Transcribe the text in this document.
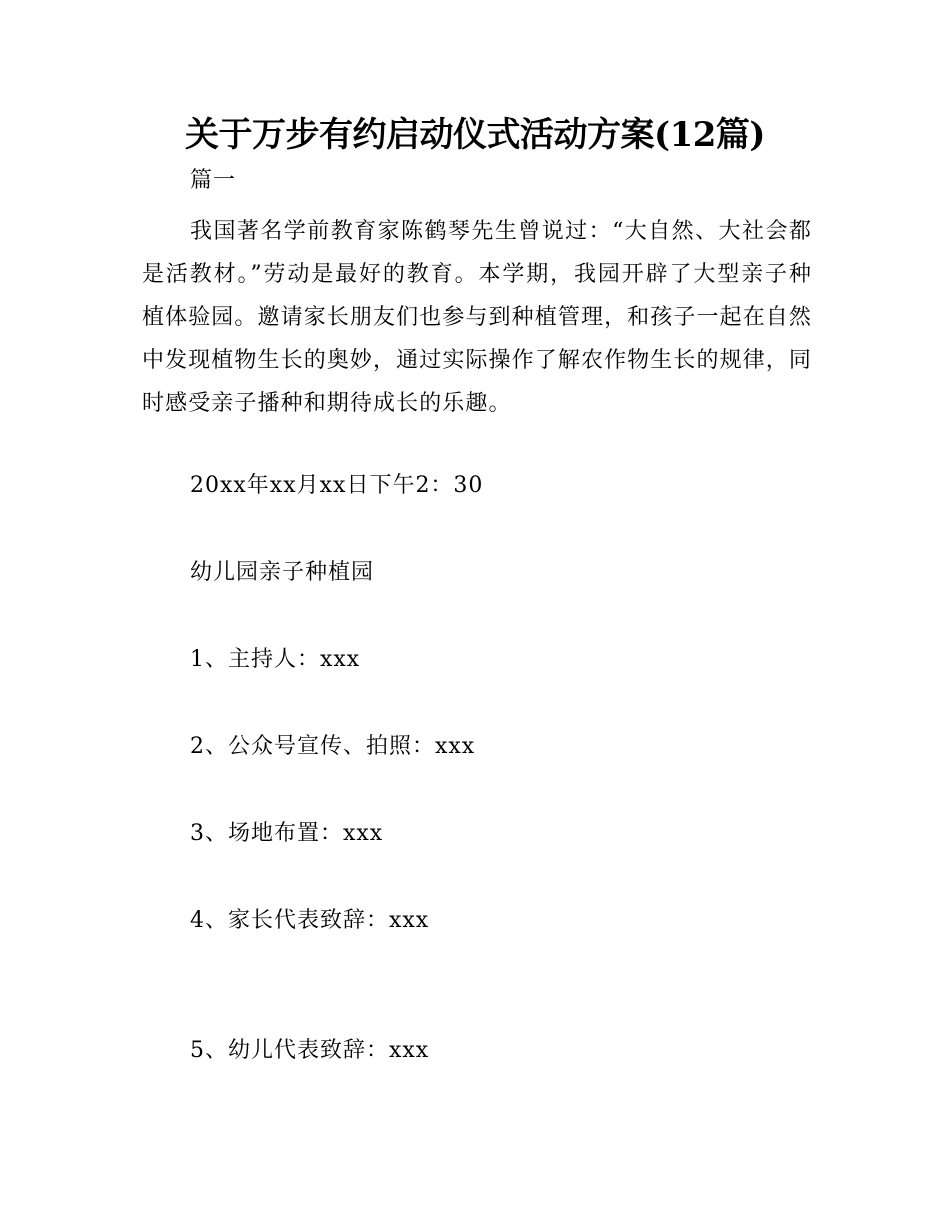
关于万步有约启动仪式活动方案(12篇)
篇一

我国著名学前教育家陈鹤琴先生曾说过：“大自然、大社会都是活教材。”劳动是最好的教育。本学期，我园开辟了大型亲子种植体验园。邀请家长朋友们也参与到种植管理，和孩子一起在自然中发现植物生长的奥妙，通过实际操作了解农作物生长的规律，同时感受亲子播种和期待成长的乐趣。

20xx年xx月xx日下午2：30
幼儿园亲子种植园
1、主持人：xxx
2、公众号宣传、拍照：xxx
3、场地布置：xxx
4、家长代表致辞：xxx
5、幼儿代表致辞：xxx
